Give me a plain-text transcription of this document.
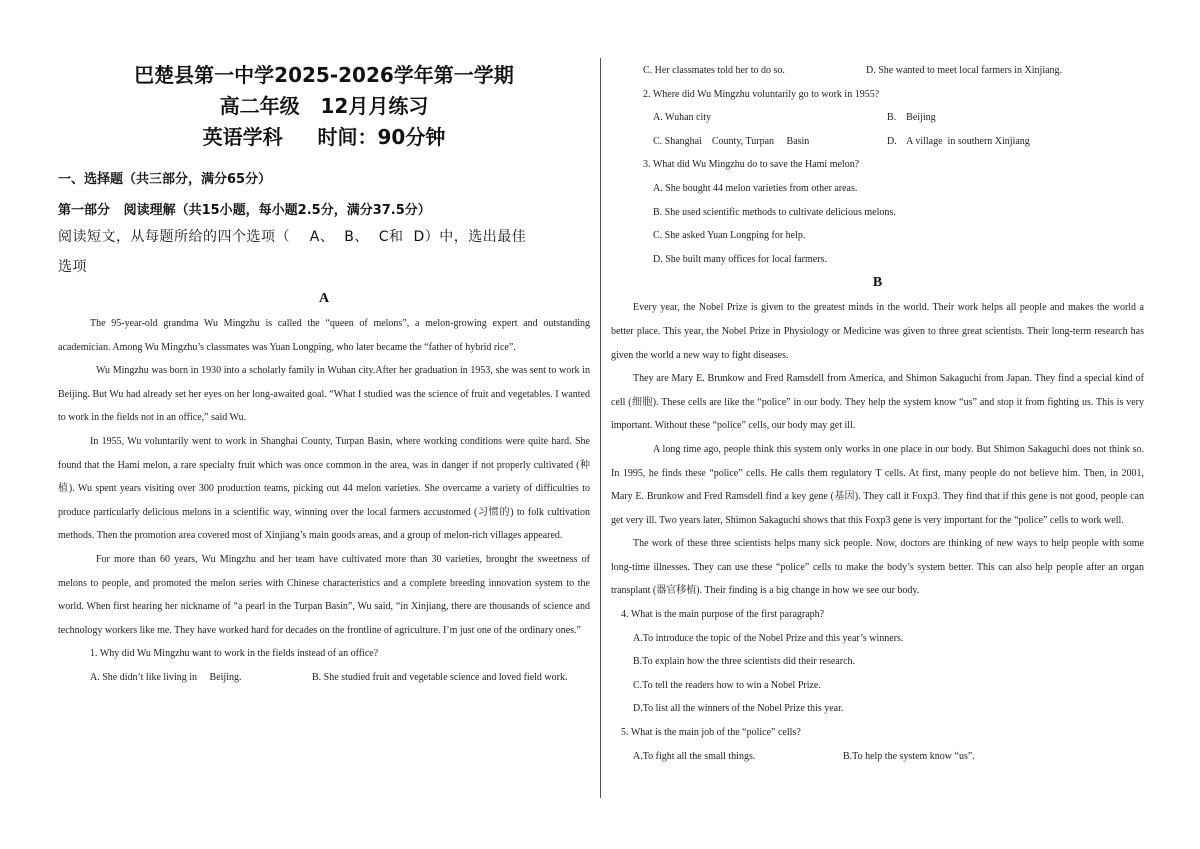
巴楚县第一中学2025-2026学年第一学期

高二年级   12月月练习

英语学科     时间：90分钟

一、选择题（共三部分，满分65分）

第一部分   阅读理解（共15小题，每小题2.5分，满分37.5分）

阅读短文，从每题所给的四个选项（    A、  B、  C和  D）中，选出最佳

选项

A

The 95-year-old grandma Wu Mingzhu is called the “queen of melons”, a melon-growing expert and outstanding academician. Among Wu Mingzhu’s classmates was Yuan Longping, who later became the “father of hybrid rice”.

Wu Mingzhu was born in 1930 into a scholarly family in Wuhan city.After her graduation in 1953, she was sent to work in Beijing. But Wu had already set her eyes on her long-awaited goal. “What I studied was the science of fruit and vegetables. I wanted to work in the fields not in an office,” said Wu.

In 1955, Wu voluntarily went to work in Shanghai County, Turpan Basin, where working conditions were quite hard. She found that the Hami melon, a rare specialty fruit which was once common in the area, was in danger if not properly cultivated (种植). Wu spent years visiting over 300 production teams, picking out 44 melon varieties. She overcame a variety of difficulties to produce particularly delicious melons in a scientific way, winning over the local farmers accustomed (习惯的) to folk cultivation methods. Then the promotion area covered most of Xinjiang’s main goods areas, and a group of melon-rich villages appeared.

For more than 60 years, Wu Mingzhu and her team have cultivated more than 30 varieties, brought the sweetness of melons to people, and promoted the melon series with Chinese characteristics and a complete breeding innovation system to the world. When first hearing her nickname of “a pearl in the Turpan Basin”, Wu said, “in Xinjiang, there are thousands of science and technology workers like me. They have worked hard for decades on the frontline of agriculture. I’m just one of the ordinary ones.”

1. Why did Wu Mingzhu want to work in the fields instead of an office?

A. She didn’t like living in     Beijing.	B. She studied fruit and vegetable science and loved field work.
C. Her classmates told her to do so.	D. She wanted to meet local farmers in Xinjiang.

2. Where did Wu Mingzhu voluntarily go to work in 1955?

A. Wuhan city	B.    Beijing
C. Shanghai    County, Turpan     Basin	D.    A village  in southern Xinjiang

3. What did Wu Mingzhu do to save the Hami melon?

A. She bought 44 melon varieties from other areas.

B. She used scientific methods to cultivate delicious melons.

C. She asked Yuan Longping for help.

D. She built many offices for local farmers.

B

Every year, the Nobel Prize is given to the greatest minds in the world. Their work helps all people and makes the world a better place. This year, the Nobel Prize in Physiology or Medicine was given to three great scientists. Their long-term research has given the world a new way to fight diseases.

They are Mary E. Brunkow and Fred Ramsdell from America, and Shimon Sakaguchi from Japan. They find a special kind of cell (细胞). These cells are like the “police” in our body. They help the system know “us” and stop it from fighting us. This is very important. Without these “police” cells, our body may get ill.

A long time ago, people think this system only works in one place in our body. But Shimon Sakaguchi does not think so. In 1995, he finds these “police” cells. He calls them regulatory T cells. At first, many people do not believe him. Then, in 2001, Mary E. Brunkow and Fred Ramsdell find a key gene (基因). They call it Foxp3. They find that if this gene is not good, people can get very ill. Two years later, Shimon Sakaguchi shows that this Foxp3 gene is very important for the “police” cells to work well.

The work of these three scientists helps many sick people. Now, doctors are thinking of new ways to help people with some long-time illnesses. They can use these “police” cells to make the body’s system better. This can also help people after an organ transplant (器官移植). Their finding is a big change in how we see our body.

4. What is the main purpose of the first paragraph?

A.To introduce the topic of the Nobel Prize and this year’s winners.

B.To explain how the three scientists did their research.

C.To tell the readers how to win a Nobel Prize.

D.To list all the winners of the Nobel Prize this year.

5. What is the main job of the “police” cells?

A.To fight all the small things.	B.To help the system know “us”.
